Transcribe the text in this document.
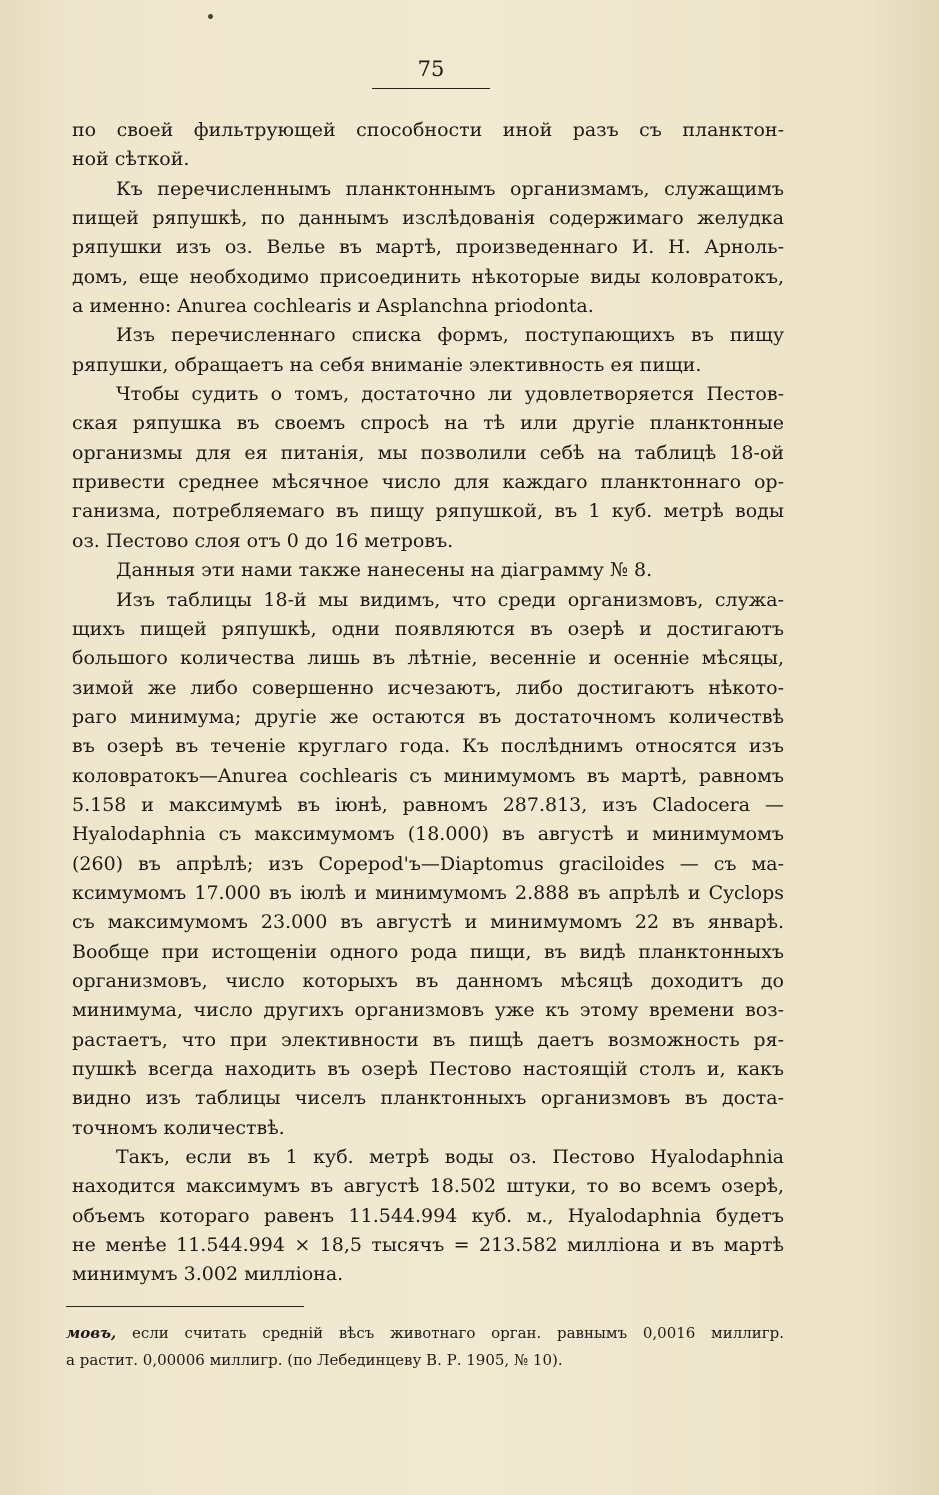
75

по своей фильтрующей способности иной разъ съ планктон-
ной сѣткой.

Къ перечисленнымъ планктоннымъ организмамъ, служащимъ
пищей ряпушкѣ, по даннымъ изслѣдованія содержимаго желудка
ряпушки изъ оз. Велье въ мартѣ, произведеннаго И. Н. Арноль-
домъ, еще необходимо присоединить нѣкоторые виды коловратокъ,
а именно: Anurea cochlearis и Asplanchna priodonta.

Изъ перечисленнаго списка формъ, поступающихъ въ пищу
ряпушки, обращаетъ на себя вниманіе элективность ея пищи.

Чтобы судить о томъ, достаточно ли удовлетворяется Пестов-
ская ряпушка въ своемъ спросѣ на тѣ или другіе планктонные
организмы для ея питанія, мы позволили себѣ на таблицѣ 18-ой
привести среднее мѣсячное число для каждаго планктоннаго ор-
ганизма, потребляемаго въ пищу ряпушкой, въ 1 куб. метрѣ воды
оз. Пестово слоя отъ 0 до 16 метровъ.

Данныя эти нами также нанесены на діаграмму № 8.

Изъ таблицы 18-й мы видимъ, что среди организмовъ, служа-
щихъ пищей ряпушкѣ, одни появляются въ озерѣ и достигаютъ
большого количества лишь въ лѣтніе, весенніе и осенніе мѣсяцы,
зимой же либо совершенно исчезаютъ, либо достигаютъ нѣкото-
раго минимума; другіе же остаются въ достаточномъ количествѣ
въ озерѣ въ теченіе круглаго года. Къ послѣднимъ относятся изъ
коловратокъ—Anurea cochlearis съ минимумомъ въ мартѣ, равномъ
5.158 и максимумѣ въ іюнѣ, равномъ 287.813, изъ Cladocera —
Hyalodaphnia съ максимумомъ (18.000) въ августѣ и минимумомъ
(260) въ апрѣлѣ; изъ Copepod'ъ—Diaptomus graciloides — съ ма-
ксимумомъ 17.000 въ іюлѣ и минимумомъ 2.888 въ апрѣлѣ и Cyclops
съ максимумомъ 23.000 въ августѣ и минимумомъ 22 въ январѣ.
Вообще при истощеніи одного рода пищи, въ видѣ планктонныхъ
организмовъ, число которыхъ въ данномъ мѣсяцѣ доходитъ до
минимума, число другихъ организмовъ уже къ этому времени воз-
растаетъ, что при элективности въ пищѣ даетъ возможность ря-
пушкѣ всегда находить въ озерѣ Пестово настоящій столъ и, какъ
видно изъ таблицы чиселъ планктонныхъ организмовъ въ доста-
точномъ количествѣ.

Такъ, если въ 1 куб. метрѣ воды оз. Пестово Hyalodaphnia
находится максимумъ въ августѣ 18.502 штуки, то во всемъ озерѣ,
объемъ котораго равенъ 11.544.994 куб. м., Hyalodaphnia будетъ
не менѣе 11.544.994 × 18,5 тысячъ = 213.582 милліона и въ мартѣ
минимумъ 3.002 милліона.

мовъ, если считать средній вѣсъ животнаго орган. равнымъ 0,0016 миллигр.
а растит. 0,00006 миллигр. (по Лебединцеву В. Р. 1905, № 10).
